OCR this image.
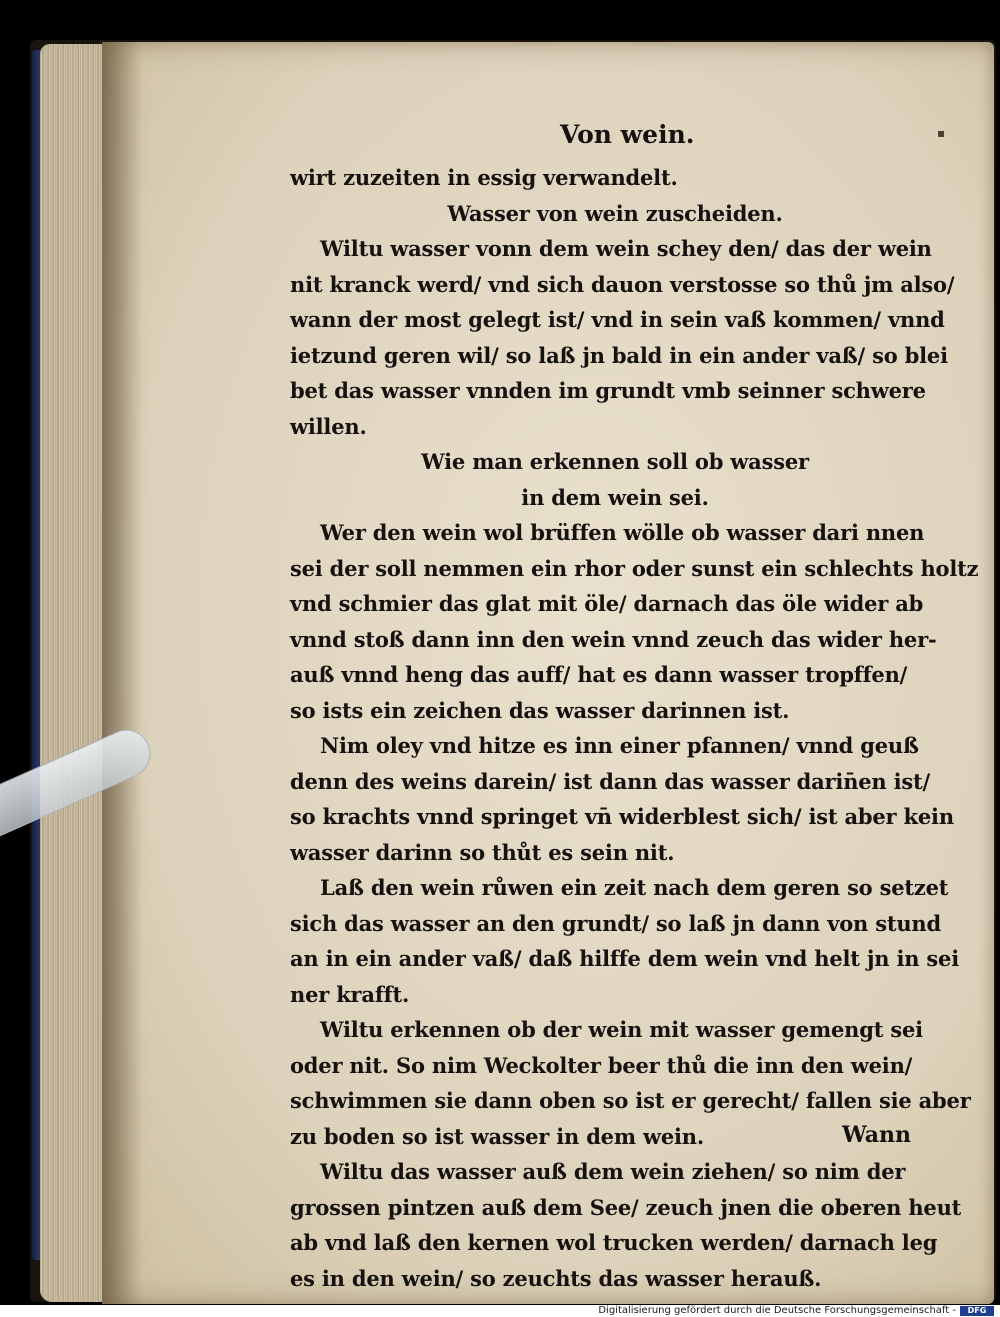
Von wein.	▪
wirt zuzeiten in essig verwandelt.
Wasser von wein zuscheiden.
Wiltu wasser vonn dem wein schey den/ das der wein
nit kranck werd/ vnd sich dauon verstosse so thů jm also/
wann der most gelegt ist/ vnd in sein vaß kommen/ vnnd
ietzund geren wil/ so laß jn bald in ein ander vaß/ so blei
bet das wasser vnnden im grundt vmb seinner schwere
willen.
Wie man erkennen soll ob wasser
in dem wein sei.
Wer den wein wol brüffen wölle ob wasser dari nnen
sei der soll nemmen ein rhor oder sunst ein schlechts holtz
vnd schmier das glat mit öle/ darnach das öle wider ab
vnnd stoß dann inn den wein vnnd zeuch das wider her-
auß vnnd heng das auff/ hat es dann wasser tropffen/
so ists ein zeichen das wasser darinnen ist.
Nim oley vnd hitze es inn einer pfannen/ vnnd geuß
denn des weins darein/ ist dann das wasser darin̄en ist/
so krachts vnnd springet vn̄ widerblest sich/ ist aber kein
wasser darinn so thůt es sein nit.
Laß den wein růwen ein zeit nach dem geren so setzet
sich das wasser an den grundt/ so laß jn dann von stund
an in ein ander vaß/ daß hilffe dem wein vnd helt jn in sei
ner krafft.
Wiltu erkennen ob der wein mit wasser gemengt sei
oder nit. So nim Weckolter beer thů die inn den wein/
schwimmen sie dann oben so ist er gerecht/ fallen sie aber
zu boden so ist wasser in dem wein.
Wiltu das wasser auß dem wein ziehen/ so nim der
grossen pintzen auß dem See/ zeuch jnen die oberen heut
ab vnd laß den kernen wol trucken werden/ darnach leg
es in den wein/ so zeuchts das wasser herauß.
Wann
Digitalisierung gefördert durch die Deutsche Forschungsgemeinschaft -	DFG
